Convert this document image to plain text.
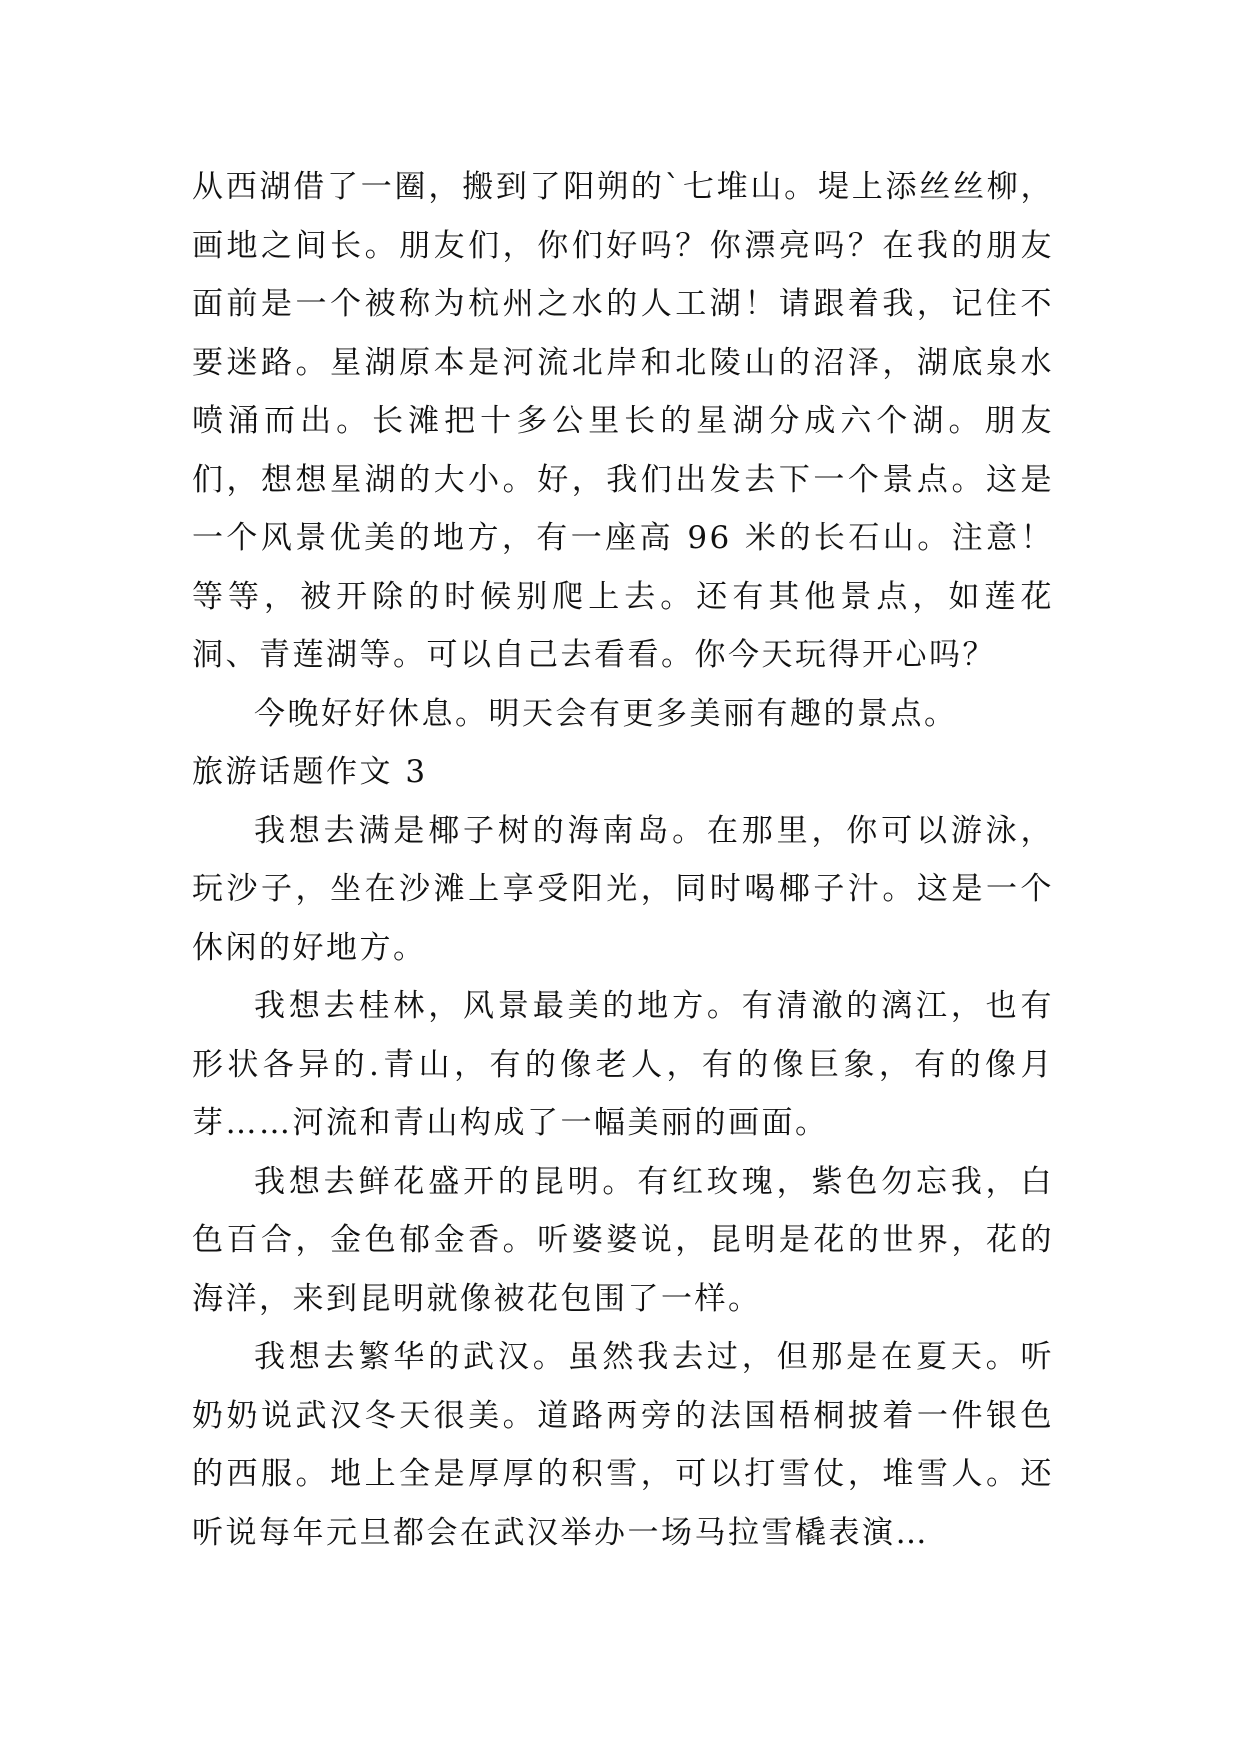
从西湖借了一圈，搬到了阳朔的`七堆山。堤上添丝丝柳，画地之间长。朋友们，你们好吗？你漂亮吗？在我的朋友面前是一个被称为杭州之水的人工湖！请跟着我，记住不要迷路。星湖原本是河流北岸和北陵山的沼泽，湖底泉水喷涌而出。长滩把十多公里长的星湖分成六个湖。朋友们，想想星湖的大小。好，我们出发去下一个景点。这是一个风景优美的地方，有一座高 96 米的长石山。注意！等等，被开除的时候别爬上去。还有其他景点，如莲花洞、青莲湖等。可以自己去看看。你今天玩得开心吗？

今晚好好休息。明天会有更多美丽有趣的景点。

旅游话题作文 3

我想去满是椰子树的海南岛。在那里，你可以游泳，玩沙子，坐在沙滩上享受阳光，同时喝椰子汁。这是一个休闲的好地方。

我想去桂林，风景最美的地方。有清澈的漓江，也有形状各异的.青山，有的像老人，有的像巨象，有的像月芽……河流和青山构成了一幅美丽的画面。

我想去鲜花盛开的昆明。有红玫瑰，紫色勿忘我，白色百合，金色郁金香。听婆婆说，昆明是花的世界，花的海洋，来到昆明就像被花包围了一样。

我想去繁华的武汉。虽然我去过，但那是在夏天。听奶奶说武汉冬天很美。道路两旁的法国梧桐披着一件银色的西服。地上全是厚厚的积雪，可以打雪仗，堆雪人。还听说每年元旦都会在武汉举办一场马拉雪橇表演…
